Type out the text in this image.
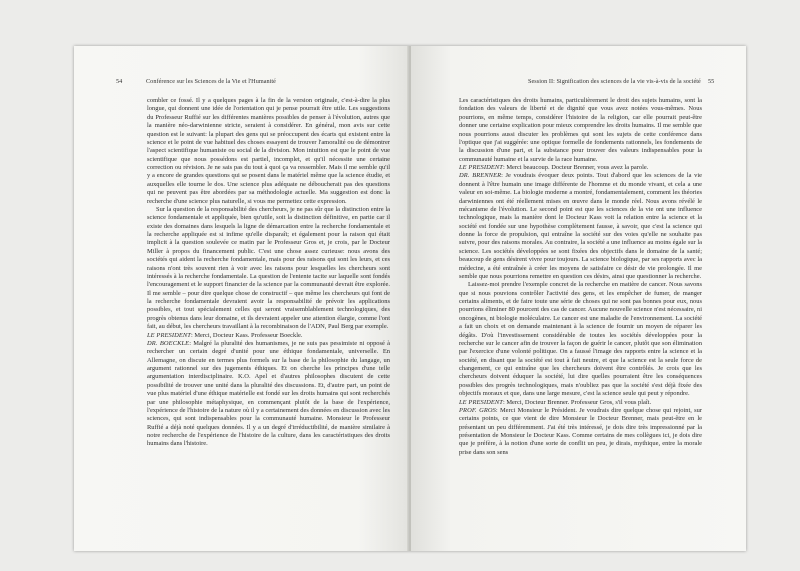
54	Conférence sur les Sciences de la Vie et l'Humanité

combler ce fossé. Il y a quelques pages à la fin de la version originale, c'est-à-dire la plus longue, qui donnent une idée de l'orientation qui je pense pourrait être utile. Les suggestions du Professeur Ruffié sur les différentes manières possibles de penser à l'évolution, autres que la manière néo-darwinienne stricte, seraient à considérer. En général, mon avis sur cette question est le suivant: la plupart des gens qui se préoccupent des écarts qui existent entre la science et le point de vue habituel des choses essayent de trouver l'amoralité ou de démontrer l'aspect scientifique humaniste ou social de la division. Mon intuition est que le point de vue scientifique que nous possédons est partiel, incomplet, et qu'il nécessite une certaine correction ou révision. Je ne sais pas du tout à quoi ça va ressembler. Mais il me semble qu'il y a encore de grandes questions qui se posent dans le matériel même que la science étudie, et auxquelles elle tourne le dos. Une science plus adéquate ne déboucherait pas des questions qui ne peuvent pas être abordées par sa méthodologie actuelle. Ma suggestion est donc la recherche d'une science plus naturelle, si vous me permettez cette expression.

Sur la question de la responsabilité des chercheurs, je ne pas sûr que la distinction entre la science fondamentale et appliquée, bien qu'utile, soit la distinction définitive, en partie car il existe des domaines dans lesquels la ligne de démarcation entre la recherche fondamentale et la recherche appliquée est si infime qu'elle disparaît; et également pour la raison qui était implicit à la question soulevée ce matin par le Professeur Gros et, je crois, par le Docteur Miller à propos du financement public. C'est une chose assez curieuse: nous avons des sociétés qui aident la recherche fondamentale, mais pour des raisons qui sont les leurs, et ces raisons n'ont très souvent rien à voir avec les raisons pour lesquelles les chercheurs sont intéressés à la recherche fondamentale. La question de l'entente tacite sur laquelle sont fondés l'encouragement et le support financier de la science par la communauté devrait être explorée. Il me semble – pour dire quelque chose de constructif – que même les chercheurs qui font de la recherche fondamentale devraient avoir la responsabilité de prévoir les applications possibles, et tout spécialement celles qui seront vraisemblablement technologiques, des progrès obtenus dans leur domaine, et ils devraient appeler une attention élargie, comme l'ont fait, au début, les chercheurs travaillant à la recombinaison de l'ADN, Paul Berg par exemple.

LE PRESIDENT: Merci, Docteur Kass. Professeur Boeckle.

DR. BOECKLE: Malgré la pluralité des humanismes, je ne suis pas pessimiste ni opposé à rechercher un certain degré d'unité pour une éthique fondamentale, universelle. En Allemagne, on discute en termes plus formels sur la base de la philosophie du langage, un argument rationnel sur des jugements éthiques. Et on cherche les principes d'une telle argumentation interdisciplinaire. K.O. Apel et d'autres philosophes discutent de cette possibilité de trouver une unité dans la pluralité des discussions. Et, d'autre part, un point de vue plus matériel d'une éthique matérielle est fondé sur les droits humains qui sont recherchés par une philosophie métaphysique, en commençant plutôt de la base de l'expérience, l'expérience de l'histoire de la nature où il y a certainement des données en discussion avec les sciences, qui sont indispensables pour la communauté humaine. Monsieur le Professeur Ruffié a déjà noté quelques données. Il y a un degré d'irréductibilité, de manière similaire à notre recherche de l'expérience de l'histoire de la culture, dans les caractéristiques des droits humains dans l'histoire.

Session II: Signification des sciences de la vie vis-à-vis de la société 55

Les caractéristiques des droits humains, particulièrement le droit des sujets humains, sont la fondation des valeurs de liberté et de dignité que vous avez notées vous-mêmes. Nous pourrions, en même temps, considérer l'histoire de la religion, car elle pourrait peut-être donner une certaine explication pour mieux comprendre les droits humains. Il me semble que nous pourrions aussi discuter les problèmes qui sont les sujets de cette conférence dans l'optique que j'ai suggérée: une optique formelle de fondements rationnels, les fondements de la discussion d'une part, et la substance pour trouver des valeurs indispensables pour la communauté humaine et la survie de la race humaine.

LE PRESIDENT: Merci beaucoup. Docteur Brenner, vous avez la parole.

DR. BRENNER: Je voudrais évoquer deux points. Tout d'abord que les sciences de la vie donnent à l'être humain une image différente de l'homme et du monde vivant, et cela a une valeur en soi-même. La biologie moderne a montré, fondamentalement, comment les théories darwiniennes ont été réellement mises en œuvre dans le monde réel. Nous avons révélé le mécanisme de l'évolution. Le second point est que les sciences de la vie ont une influence technologique, mais la manière dont le Docteur Kass voit la relation entre la science et la société est fondée sur une hypothèse complètement fausse, à savoir, que c'est la science qui donne la force de propulsion, qui entraîne la société sur des voies qu'elle ne souhaite pas suivre, pour des raisons morales. Au contraire, la société a une influence au moins égale sur la science. Les sociétés développées se sont fixées des objectifs dans le domaine de la santé; beaucoup de gens désirent vivre pour toujours. La science biologique, par ses rapports avec la médecine, a été entraînée à créer les moyens de satisfaire ce désir de vie prolongée. Il me semble que nous pourrions remettre en question ces désirs, ainsi que questionner la recherche.

Laissez-moi prendre l'exemple concret de la recherche en matière de cancer. Nous savons que si nous pouvions contrôler l'activité des gens, et les empêcher de fumer, de manger certains aliments, et de faire toute une série de choses qui ne sont pas bonnes pour eux, nous pourrions éliminer 80 pourcent des cas de cancer. Aucune nouvelle science n'est nécessaire, ni oncogènes, ni biologie moléculaire. Le cancer est une maladie de l'environnement. La société a fait un choix et on demande maintenant à la science de fournir un moyen de réparer les dégâts. D'où l'investissement considérable de toutes les sociétés développées pour la recherche sur le cancer afin de trouver la façon de guérir le cancer, plutôt que son élimination par l'exercice d'une volonté politique. On a faussé l'image des rapports entre la science et la société, en disant que la société est tout à fait neutre, et que la science est la seule force de changement, ce qui entraîne que les chercheurs doivent être contrôlés. Je crois que les chercheurs doivent éduquer la société, lui dire quelles pourraient être les conséquences possibles des progrès technologiques, mais n'oubliez pas que la société s'est déjà fixée des objectifs moraux et que, dans une large mesure, c'est la science seule qui peut y répondre.

LE PRESIDENT: Merci, Docteur Brenner. Professeur Gros, s'il vous plaît.

PROF. GROS: Merci Monsieur le Président. Je voudrais dire quelque chose qui rejoint, sur certains points, ce que vient de dire Monsieur le Docteur Brenner, mais peut-être en le présentant un peu différemment. J'ai été très intéressé, je dois dire très impressionné par la présentation de Monsieur le Docteur Kass. Comme certains de mes collègues ici, je dois dire que je préfère, à la notion d'une sorte de conflit un peu, je dirais, mythique, entre la morale prise dans son sens
